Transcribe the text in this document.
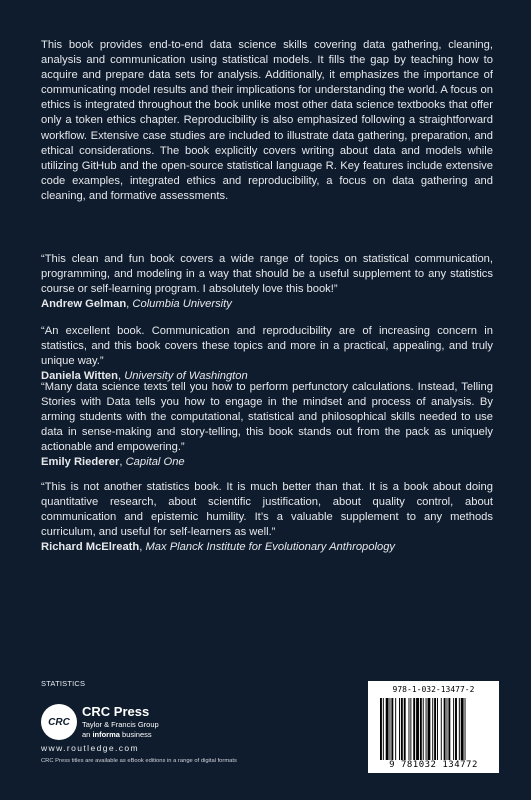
This book provides end-to-end data science skills covering data gathering, cleaning, analysis and communication using statistical models. It fills the gap by teaching how to acquire and prepare data sets for analysis. Additionally, it emphasizes the importance of communicating model results and their implications for understanding the world. A focus on ethics is integrated throughout the book unlike most other data science textbooks that offer only a token ethics chapter. Reproducibility is also emphasized following a straightforward workflow. Extensive case studies are included to illustrate data gathering, preparation, and ethical considerations. The book explicitly covers writing about data and models while utilizing GitHub and the open-source statistical language R. Key features include extensive code examples, integrated ethics and reproducibility, a focus on data gathering and cleaning, and formative assessments.

“This clean and fun book covers a wide range of topics on statistical communication, programming, and modeling in a way that should be a useful supplement to any statistics course or self-learning program. I absolutely love this book!”

Andrew Gelman, Columbia University

“An excellent book. Communication and reproducibility are of increasing concern in statistics, and this book covers these topics and more in a practical, appealing, and truly unique way.”

Daniela Witten, University of Washington

“Many data science texts tell you how to perform perfunctory calculations. Instead, Telling Stories with Data tells you how to engage in the mindset and process of analysis. By arming students with the computational, statistical and philosophical skills needed to use data in sense-making and story-telling, this book stands out from the pack as uniquely actionable and empowering.”

Emily Riederer, Capital One

“This is not another statistics book. It is much better than that. It is a book about doing quantitative research, about scientific justification, about quality control, about communication and epistemic humility. It’s a valuable supplement to any methods curriculum, and useful for self-learners as well.”

Richard McElreath, Max Planck Institute for Evolutionary Anthropology

STATISTICS
CRC
CRC Press
Taylor & Francis Group
an informa business
www.routledge.com
CRC Press titles are available as eBook editions in a range of digital formats
978-1-032-13477-2
9 781032 134772
